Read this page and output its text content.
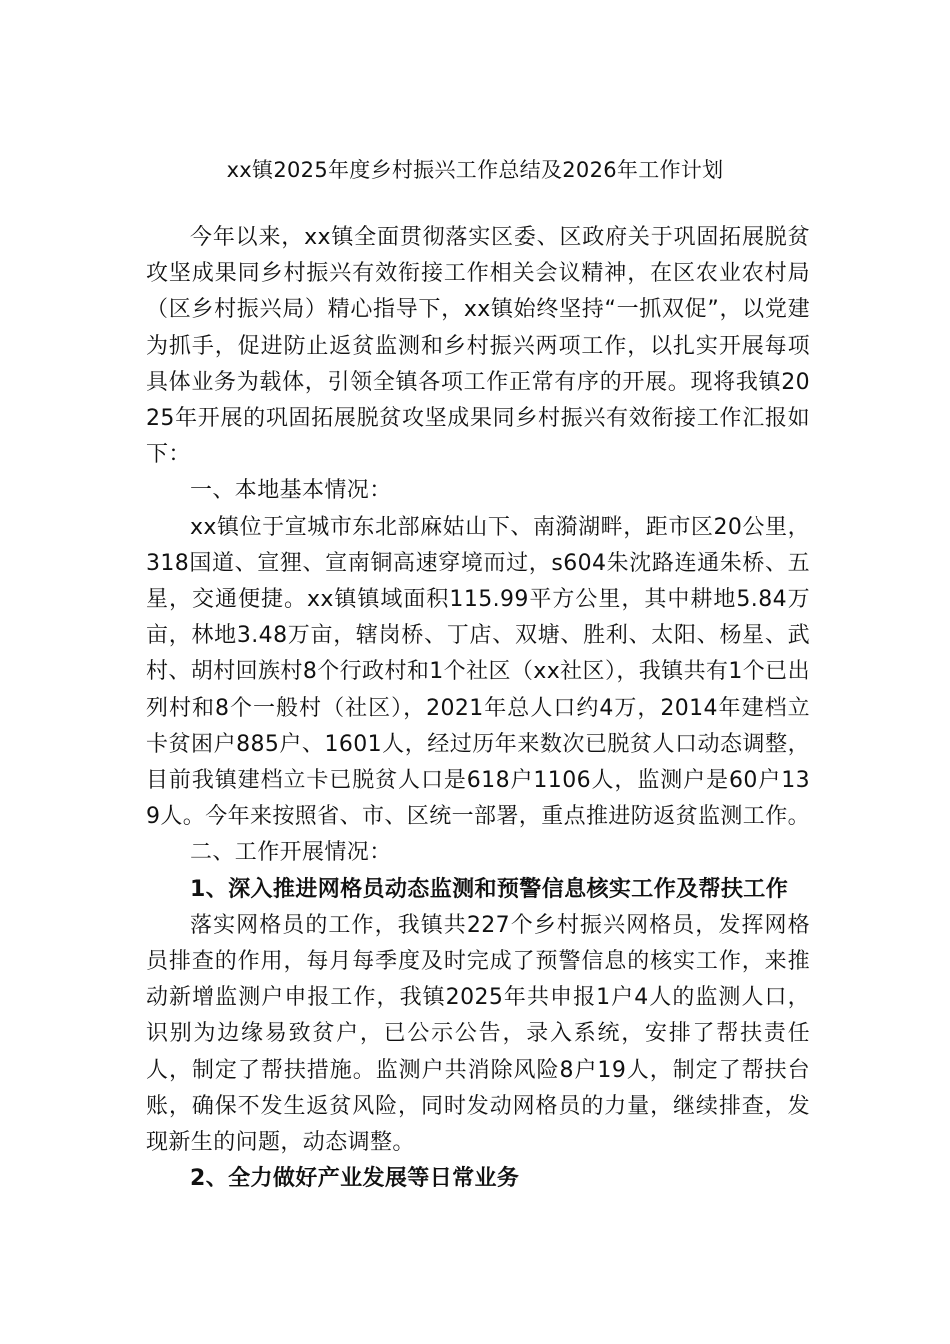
xx镇2025年度乡村振兴工作总结及2026年工作计划

今年以来，xx镇全面贯彻落实区委、区政府关于巩固拓展脱贫攻坚成果同乡村振兴有效衔接工作相关会议精神，在区农业农村局（区乡村振兴局）精心指导下，xx镇始终坚持“一抓双促”，以党建为抓手，促进防止返贫监测和乡村振兴两项工作，以扎实开展每项具体业务为载体，引领全镇各项工作正常有序的开展。现将我镇2025年开展的巩固拓展脱贫攻坚成果同乡村振兴有效衔接工作汇报如下：

一、本地基本情况：

xx镇位于宣城市东北部麻姑山下、南漪湖畔，距市区20公里，318国道、宣狸、宣南铜高速穿境而过，s604朱沈路连通朱桥、五星，交通便捷。xx镇镇域面积115.99平方公里，其中耕地5.84万亩，林地3.48万亩，辖岗桥、丁店、双塘、胜利、太阳、杨星、武村、胡村回族村8个行政村和1个社区（xx社区），我镇共有1个已出列村和8个一般村（社区），2021年总人口约4万，2014年建档立卡贫困户885户、1601人，经过历年来数次已脱贫人口动态调整，目前我镇建档立卡已脱贫人口是618户1106人，监测户是60户139人。今年来按照省、市、区统一部署，重点推进防返贫监测工作。

二、工作开展情况：

1、深入推进网格员动态监测和预警信息核实工作及帮扶工作

落实网格员的工作，我镇共227个乡村振兴网格员，发挥网格员排查的作用，每月每季度及时完成了预警信息的核实工作，来推动新增监测户申报工作，我镇2025年共申报1户4人的监测人口，识别为边缘易致贫户，已公示公告，录入系统，安排了帮扶责任人，制定了帮扶措施。监测户共消除风险8户19人，制定了帮扶台账，确保不发生返贫风险，同时发动网格员的力量，继续排查，发现新生的问题，动态调整。

2、全力做好产业发展等日常业务
